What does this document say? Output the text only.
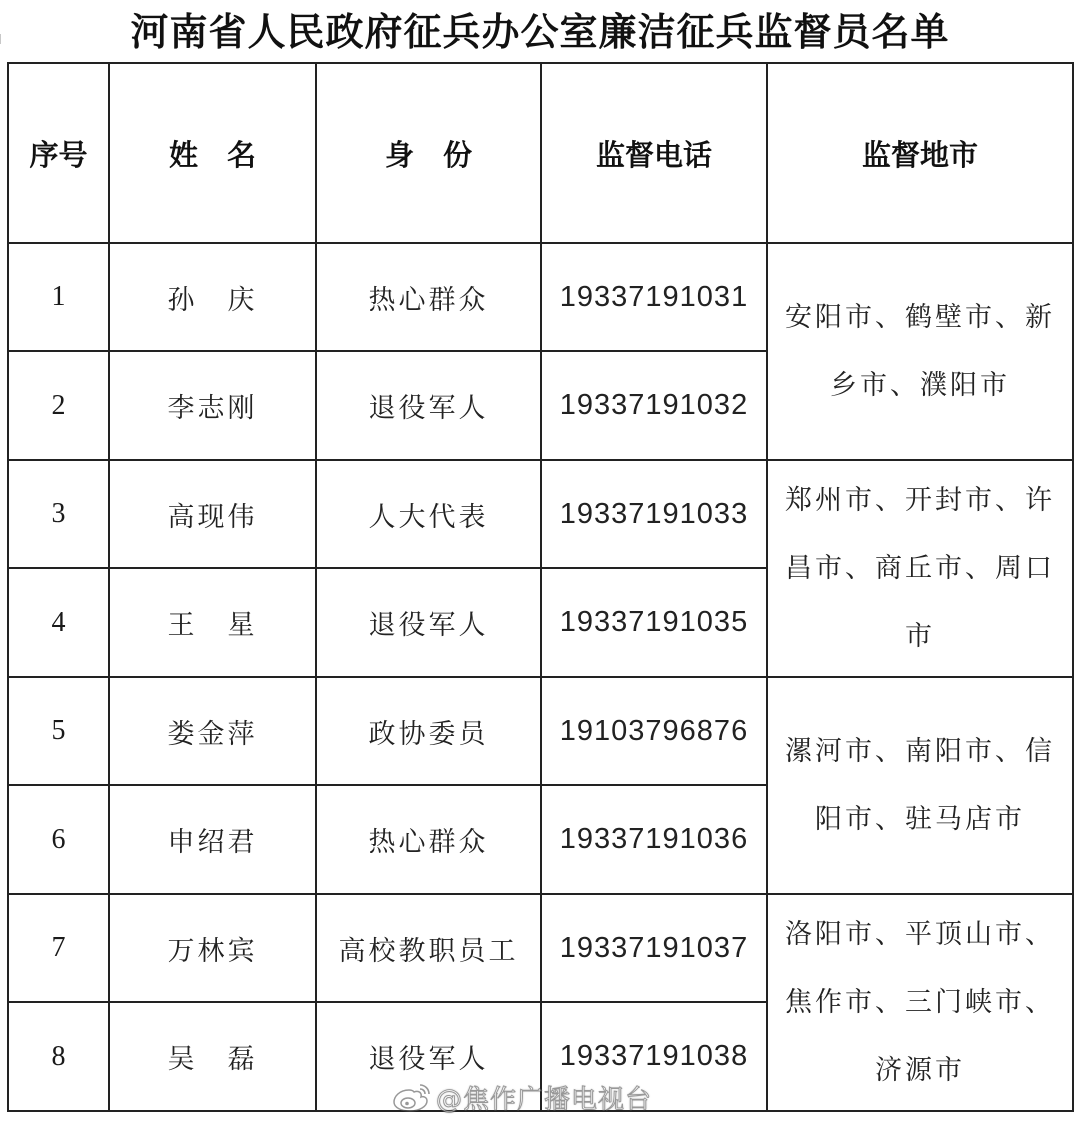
河南省人民政府征兵办公室廉洁征兵监督员名单
序号	姓　名	身　份	监督电话	监督地市
1	孙　庆	热心群众	19337191031	安阳市、鹤壁市、新乡市、濮阳市
2	李志刚	退役军人	19337191032	
3	高现伟	人大代表	19337191033	郑州市、开封市、许昌市、商丘市、周口市
4	王　星	退役军人	19337191035	
5	娄金萍	政协委员	19103796876	漯河市、南阳市、信阳市、驻马店市
6	申绍君	热心群众	19337191036	
7	万林宾	高校教职员工	19337191037	洛阳市、平顶山市、焦作市、三门峡市、济源市
8	吴　磊	退役军人	19337191038	
@焦作广播电视台
